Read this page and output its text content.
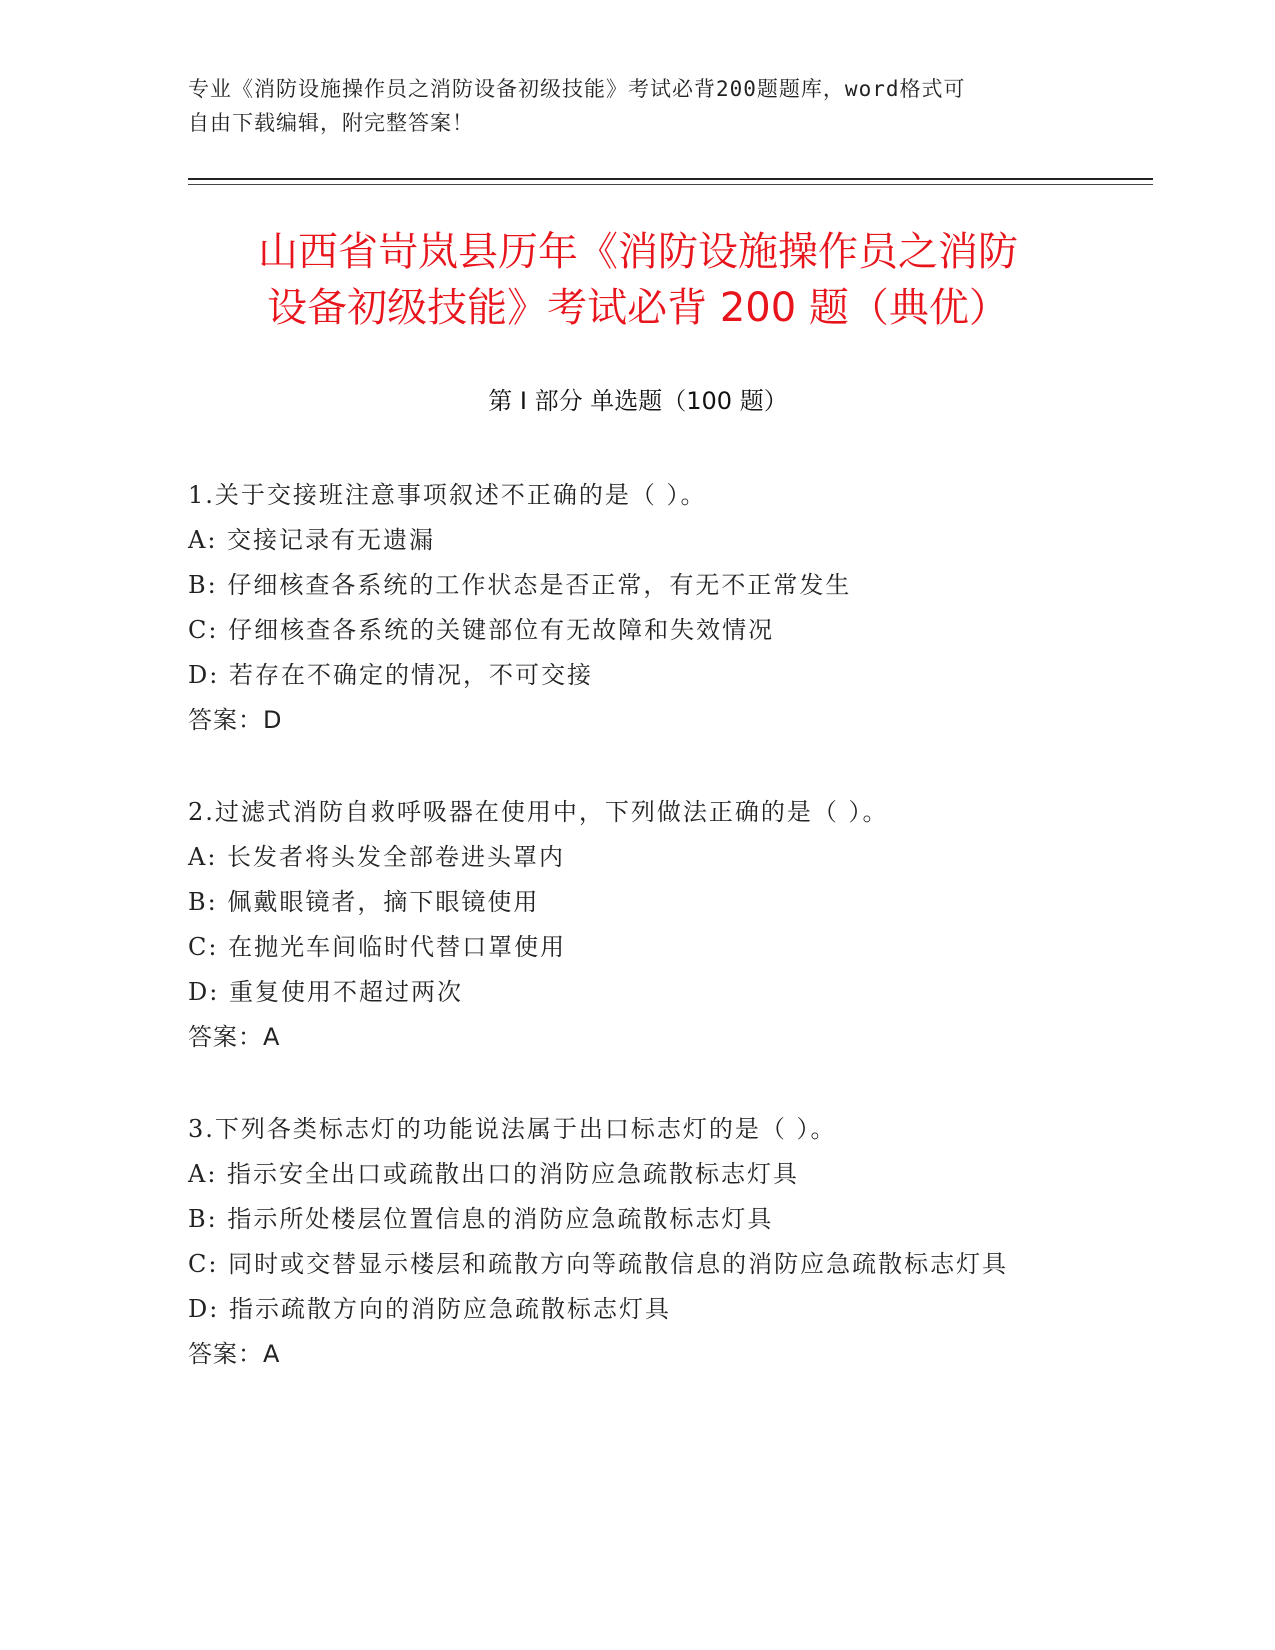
专业《消防设施操作员之消防设备初级技能》考试必背200题题库，word格式可
自由下载编辑，附完整答案！
山西省岢岚县历年《消防设施操作员之消防
设备初级技能》考试必背 200 题（典优）
第 I 部分 单选题（100 题）
1.关于交接班注意事项叙述不正确的是（ ）。
A: 交接记录有无遗漏
B: 仔细核查各系统的工作状态是否正常，有无不正常发生
C: 仔细核查各系统的关键部位有无故障和失效情况
D: 若存在不确定的情况，不可交接
答案：D
2.过滤式消防自救呼吸器在使用中，下列做法正确的是（ ）。
A: 长发者将头发全部卷进头罩内
B: 佩戴眼镜者，摘下眼镜使用
C: 在抛光车间临时代替口罩使用
D: 重复使用不超过两次
答案：A
3.下列各类标志灯的功能说法属于出口标志灯的是（ ）。
A: 指示安全出口或疏散出口的消防应急疏散标志灯具
B: 指示所处楼层位置信息的消防应急疏散标志灯具
C: 同时或交替显示楼层和疏散方向等疏散信息的消防应急疏散标志灯具
D: 指示疏散方向的消防应急疏散标志灯具
答案：A
